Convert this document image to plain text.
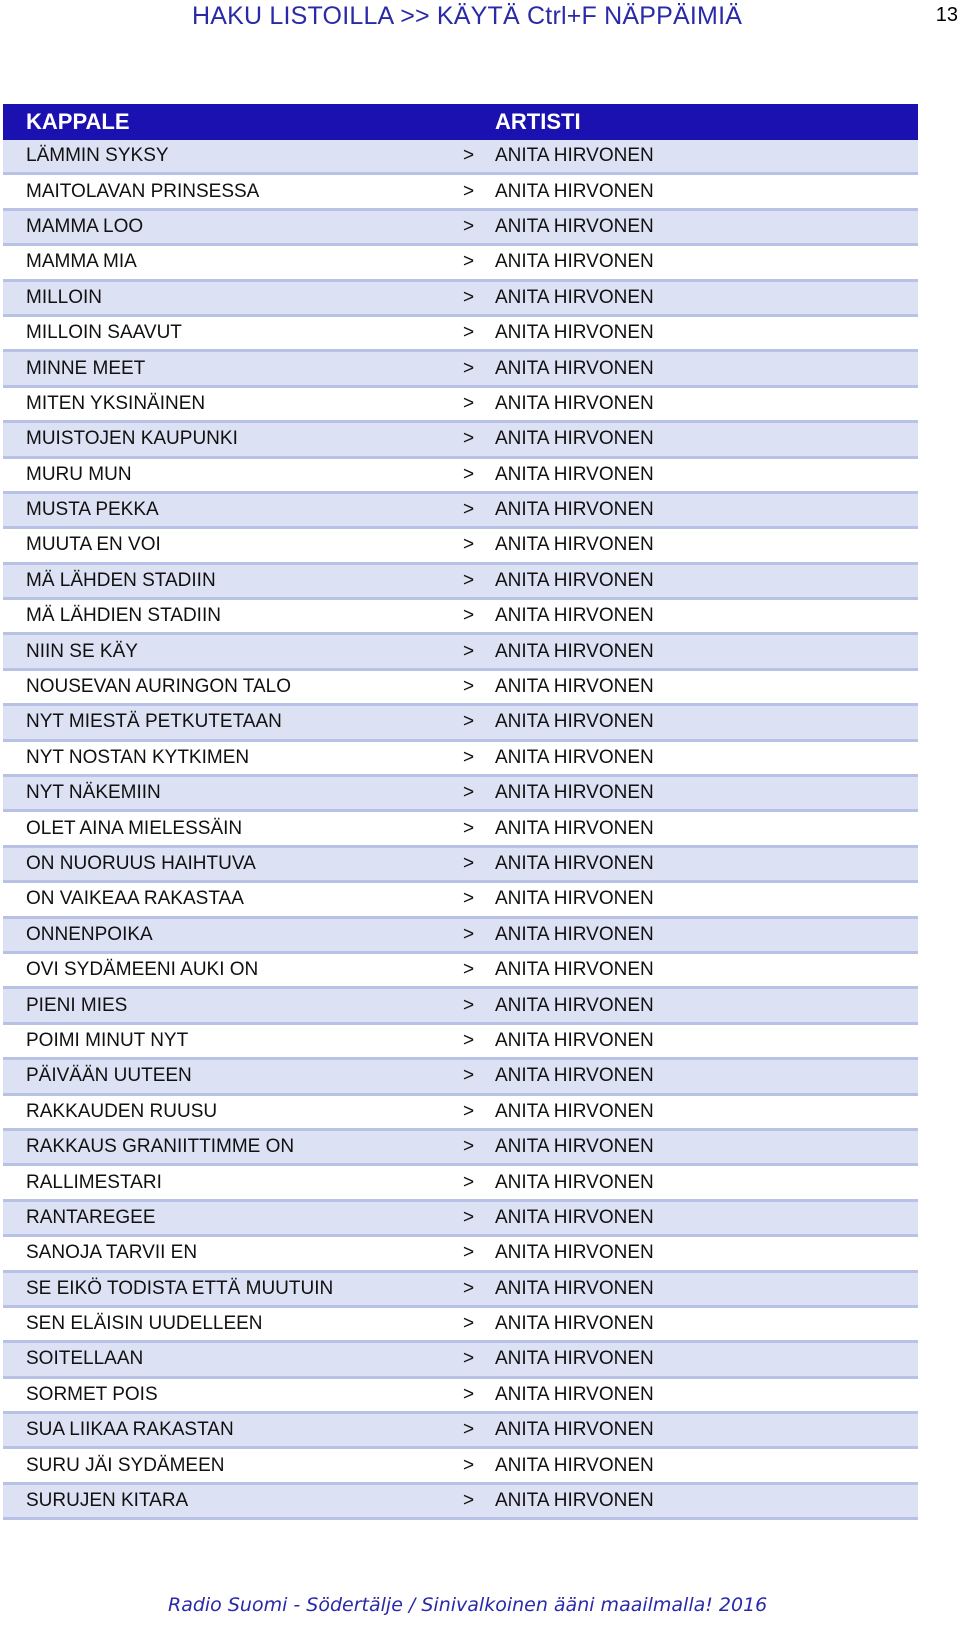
HAKU LISTOILLA >> KÄYTÄ Ctrl+F NÄPPÄIMIÄ	13
KAPPALE	ARTISTI
LÄMMIN SYKSY	>	ANITA HIRVONEN
MAITOLAVAN PRINSESSA	>	ANITA HIRVONEN
MAMMA LOO	>	ANITA HIRVONEN
MAMMA MIA	>	ANITA HIRVONEN
MILLOIN	>	ANITA HIRVONEN
MILLOIN SAAVUT	>	ANITA HIRVONEN
MINNE MEET	>	ANITA HIRVONEN
MITEN YKSINÄINEN	>	ANITA HIRVONEN
MUISTOJEN KAUPUNKI	>	ANITA HIRVONEN
MURU MUN	>	ANITA HIRVONEN
MUSTA PEKKA	>	ANITA HIRVONEN
MUUTA EN VOI	>	ANITA HIRVONEN
MÄ LÄHDEN STADIIN	>	ANITA HIRVONEN
MÄ LÄHDIEN STADIIN	>	ANITA HIRVONEN
NIIN SE KÄY	>	ANITA HIRVONEN
NOUSEVAN AURINGON TALO	>	ANITA HIRVONEN
NYT MIESTÄ PETKUTETAAN	>	ANITA HIRVONEN
NYT NOSTAN KYTKIMEN	>	ANITA HIRVONEN
NYT NÄKEMIIN	>	ANITA HIRVONEN
OLET AINA MIELESSÄIN	>	ANITA HIRVONEN
ON NUORUUS HAIHTUVA	>	ANITA HIRVONEN
ON VAIKEAA RAKASTAA	>	ANITA HIRVONEN
ONNENPOIKA	>	ANITA HIRVONEN
OVI SYDÄMEENI AUKI ON	>	ANITA HIRVONEN
PIENI MIES	>	ANITA HIRVONEN
POIMI MINUT NYT	>	ANITA HIRVONEN
PÄIVÄÄN UUTEEN	>	ANITA HIRVONEN
RAKKAUDEN RUUSU	>	ANITA HIRVONEN
RAKKAUS GRANIITTIMME ON	>	ANITA HIRVONEN
RALLIMESTARI	>	ANITA HIRVONEN
RANTAREGEE	>	ANITA HIRVONEN
SANOJA TARVII EN	>	ANITA HIRVONEN
SE EIKÖ TODISTA ETTÄ MUUTUIN	>	ANITA HIRVONEN
SEN ELÄISIN UUDELLEEN	>	ANITA HIRVONEN
SOITELLAAN	>	ANITA HIRVONEN
SORMET POIS	>	ANITA HIRVONEN
SUA LIIKAA RAKASTAN	>	ANITA HIRVONEN
SURU JÄI SYDÄMEEN	>	ANITA HIRVONEN
SURUJEN KITARA	>	ANITA HIRVONEN
Radio Suomi - Södertälje / Sinivalkoinen ääni maailmalla! 2016
